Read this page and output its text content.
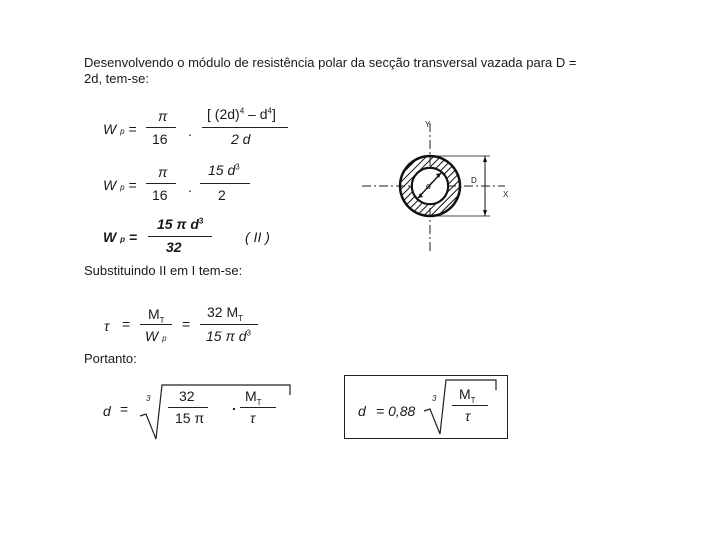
Desenvolvendo o módulo de resistência polar da secção transversal vazada para D =
2d, tem-se:
W p =
π
16 .
[ $(2d)^4 - d^4$]
2 d
W p =
π
16 .
15 $d^3$
2
W p =
15 π $d^3$
32
( II )
Substituindo II em I tem-se:
τ =
$M_T$
W p
=
32 $M_T$
15 π $d^3$
Portanto:
d =
3 32
15 π
.
$M_T$
τ	d = 0,88
3 $M_T$
τ
Y
X
d
D
